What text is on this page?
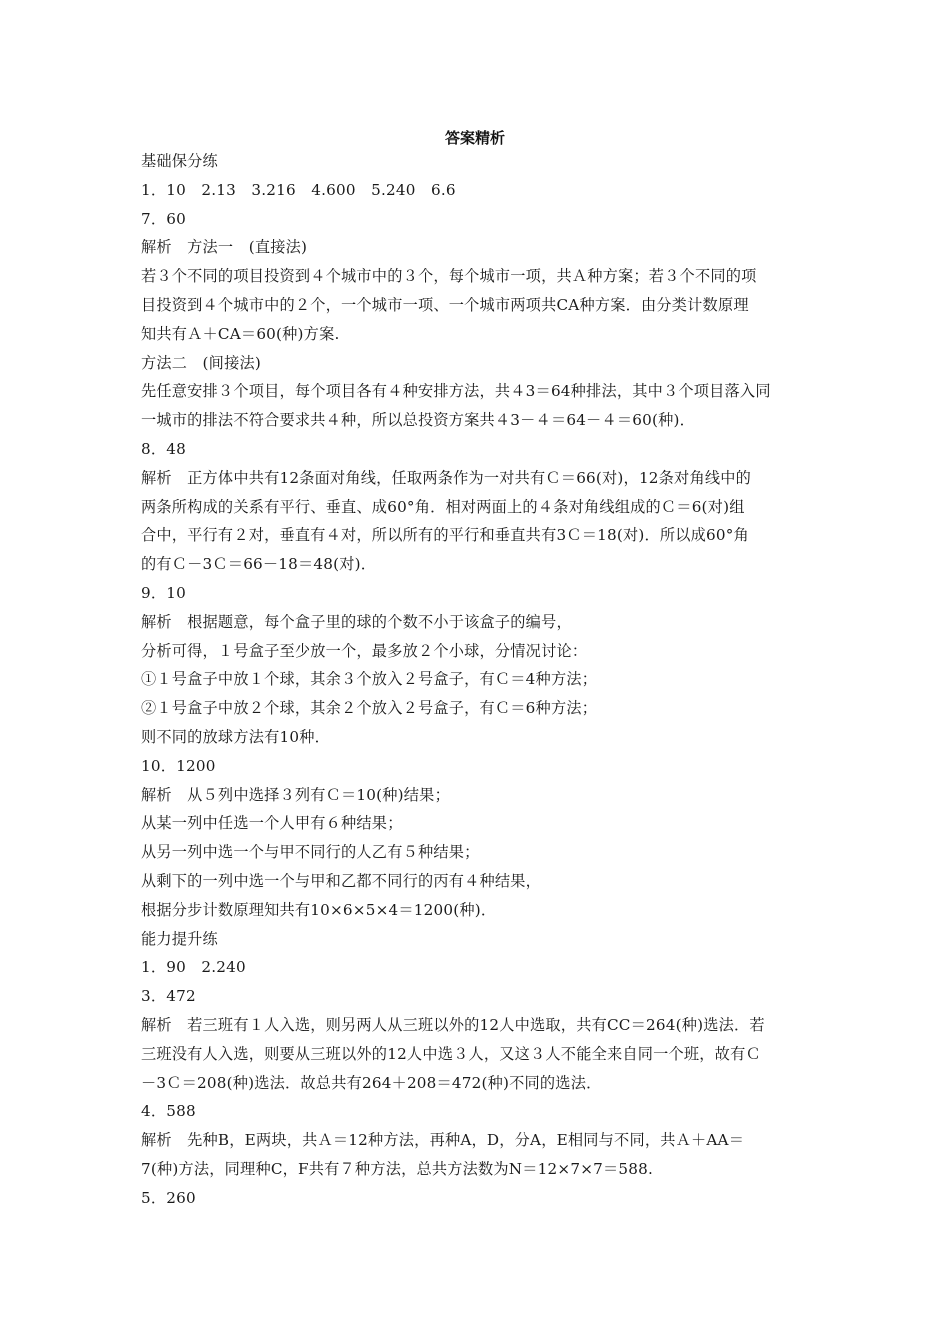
答案精析
基础保分练
1．10　2.13　3.216　4.600　5.240　6.6
7．60
解析　方法一　(直接法)
若３个不同的项目投资到４个城市中的３个，每个城市一项，共Ａ种方案；若３个不同的项
目投资到４个城市中的２个，一个城市一项、一个城市两项共CA种方案．由分类计数原理
知共有Ａ＋CA＝60(种)方案.
方法二　(间接法)
先任意安排３个项目，每个项目各有４种安排方法，共４3＝64种排法，其中３个项目落入同
一城市的排法不符合要求共４种，所以总投资方案共４3－４＝64－４＝60(种)．
8．48
解析　正方体中共有12条面对角线，任取两条作为一对共有Ｃ＝66(对)，12条对角线中的
两条所构成的关系有平行、垂直、成60°角．相对两面上的４条对角线组成的Ｃ＝6(对)组
合中，平行有２对，垂直有４对，所以所有的平行和垂直共有3Ｃ＝18(对)．所以成60°角
的有Ｃ－3Ｃ＝66－18＝48(对)．
9．10
解析　根据题意，每个盒子里的球的个数不小于该盒子的编号，
分析可得，１号盒子至少放一个，最多放２个小球，分情况讨论：
①１号盒子中放１个球，其余３个放入２号盒子，有Ｃ＝4种方法；
②１号盒子中放２个球，其余２个放入２号盒子，有Ｃ＝6种方法；
则不同的放球方法有10种．
10．1200
解析　从５列中选择３列有Ｃ＝10(种)结果；
从某一列中任选一个人甲有６种结果；
从另一列中选一个与甲不同行的人乙有５种结果；
从剩下的一列中选一个与甲和乙都不同行的丙有４种结果，
根据分步计数原理知共有10×6×5×4＝1200(种)．
能力提升练
1．90　2.240
3．472
解析　若三班有１人入选，则另两人从三班以外的12人中选取，共有CC＝264(种)选法．若
三班没有人入选，则要从三班以外的12人中选３人，又这３人不能全来自同一个班，故有Ｃ
－3Ｃ＝208(种)选法．故总共有264＋208＝472(种)不同的选法．
4．588
解析　先种B，E两块，共Ａ＝12种方法，再种A，D，分A，E相同与不同，共Ａ＋AA＝
7(种)方法，同理种C，F共有７种方法，总共方法数为N＝12×7×7＝588.
5．260
